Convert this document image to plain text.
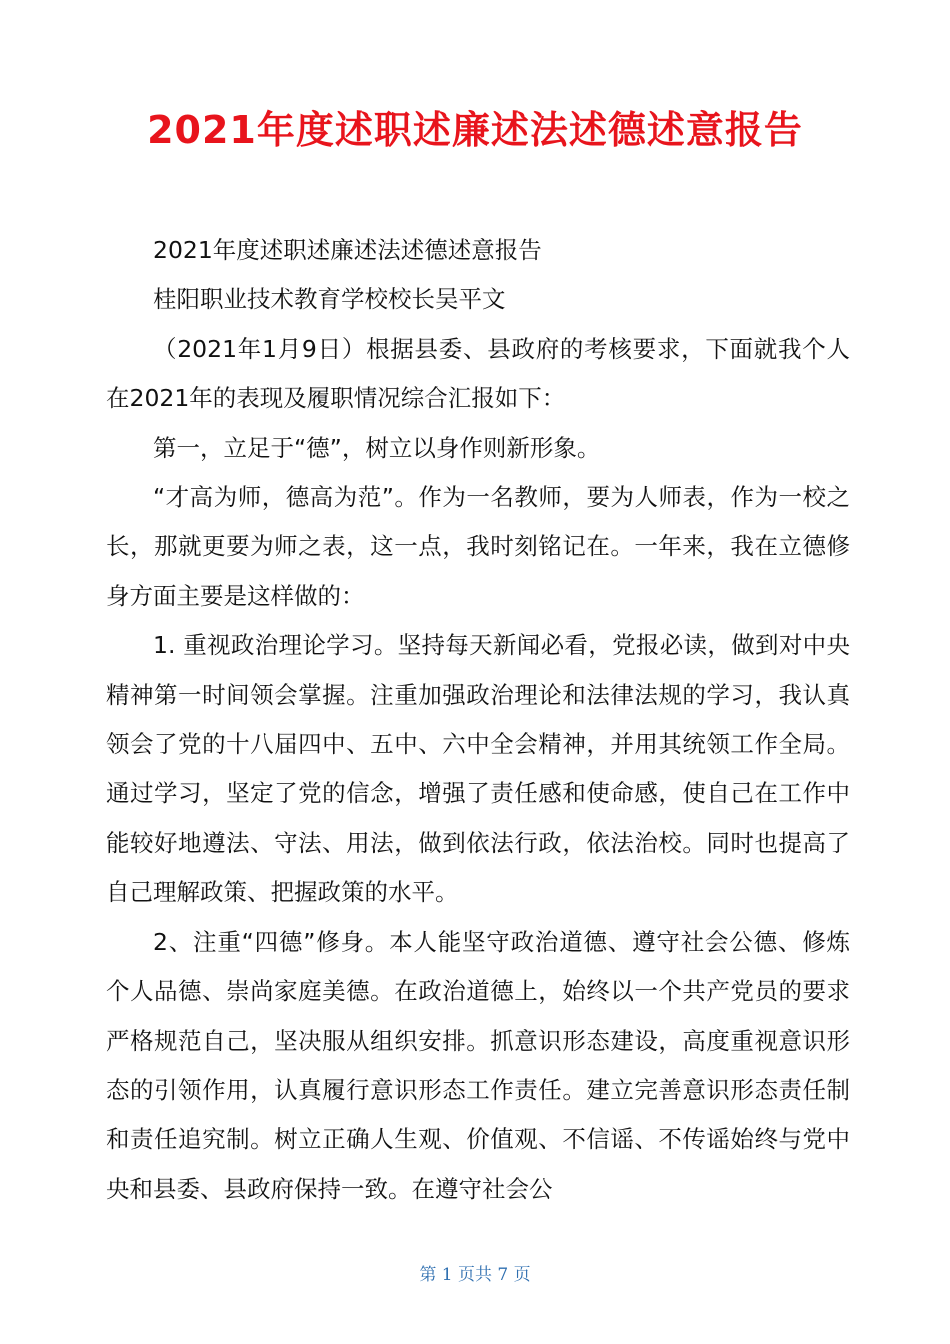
2021年度述职述廉述法述德述意报告

2021年度述职述廉述法述德述意报告

桂阳职业技术教育学校校长吴平文

（2021年1月9日）根据县委、县政府的考核要求，下面就我个人在2021年的表现及履职情况综合汇报如下：

第一，立足于“德”，树立以身作则新形象。

“才高为师，德高为范”。作为一名教师，要为人师表，作为一校之长，那就更要为师之表，这一点，我时刻铭记在。一年来，我在立德修身方面主要是这样做的：

1. 重视政治理论学习。坚持每天新闻必看，党报必读，做到对中央精神第一时间领会掌握。注重加强政治理论和法律法规的学习，我认真领会了党的十八届四中、五中、六中全会精神，并用其统领工作全局。通过学习，坚定了党的信念，增强了责任感和使命感，使自己在工作中能较好地遵法、守法、用法，做到依法行政，依法治校。同时也提高了自己理解政策、把握政策的水平。

2、注重“四德”修身。本人能坚守政治道德、遵守社会公德、修炼个人品德、崇尚家庭美德。在政治道德上，始终以一个共产党员的要求严格规范自己，坚决服从组织安排。抓意识形态建设，高度重视意识形态的引领作用，认真履行意识形态工作责任。建立完善意识形态责任制和责任追究制。树立正确人生观、价值观、不信谣、不传谣始终与党中央和县委、县政府保持一致。在遵守社会公

第 1 页共 7 页
